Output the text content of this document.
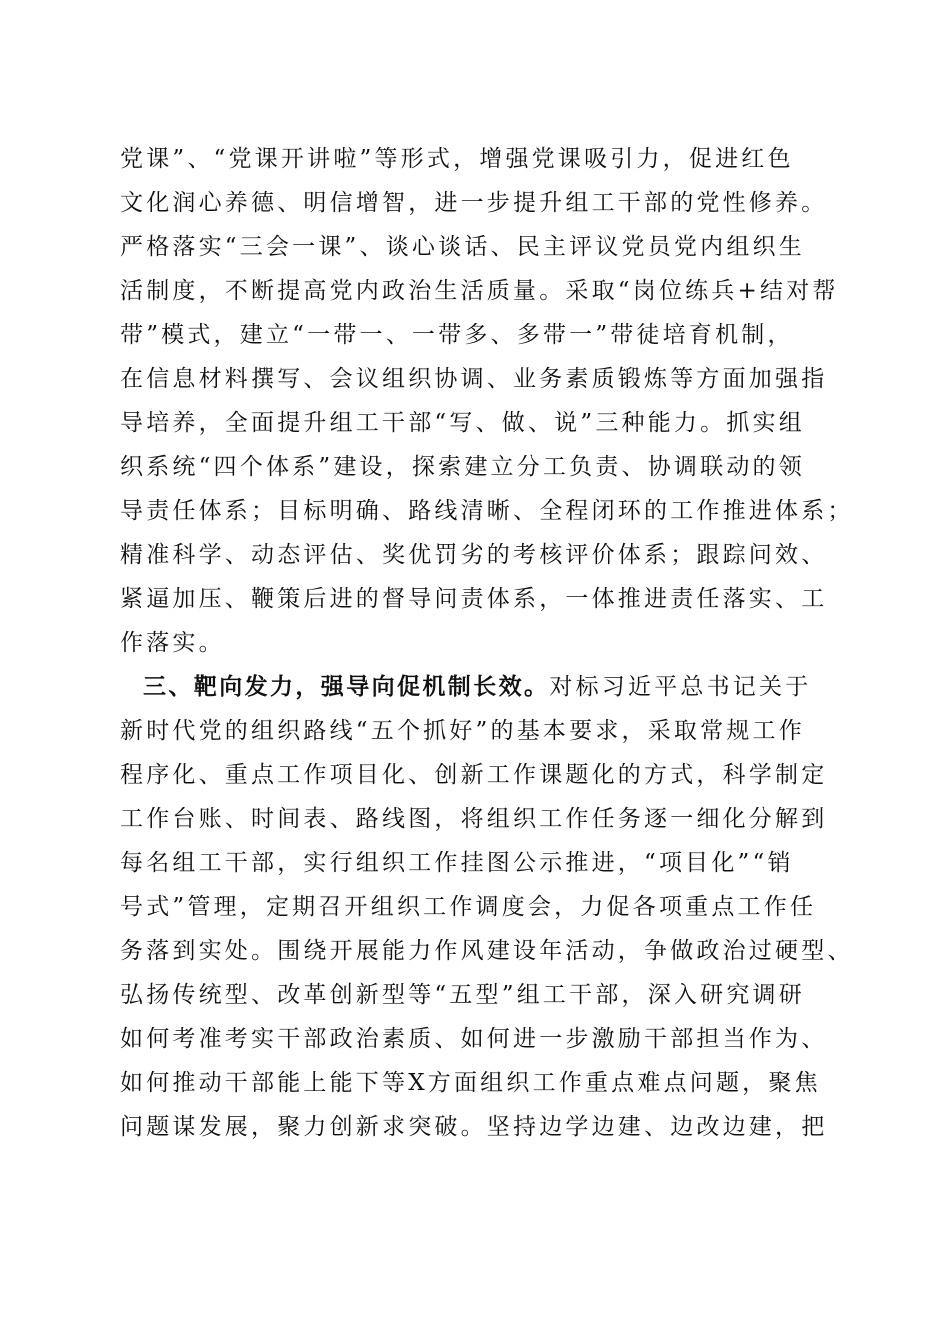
党课”、“党课开讲啦”等形式，增强党课吸引力，促进红色
文化润心养德、明信增智，进一步提升组工干部的党性修养。
严格落实“三会一课”、谈心谈话、民主评议党员党内组织生
活制度，不断提高党内政治生活质量。采取“岗位练兵+结对帮
带”模式，建立“一带一、一带多、多带一”带徒培育机制，
在信息材料撰写、会议组织协调、业务素质锻炼等方面加强指
导培养，全面提升组工干部“写、做、说”三种能力。抓实组
织系统“四个体系”建设，探索建立分工负责、协调联动的领
导责任体系；目标明确、路线清晰、全程闭环的工作推进体系；
精准科学、动态评估、奖优罚劣的考核评价体系；跟踪问效、
紧逼加压、鞭策后进的督导问责体系，一体推进责任落实、工
作落实。
三、靶向发力，强导向促机制长效。对标习近平总书记关于
新时代党的组织路线“五个抓好”的基本要求，采取常规工作
程序化、重点工作项目化、创新工作课题化的方式，科学制定
工作台账、时间表、路线图，将组织工作任务逐一细化分解到
每名组工干部，实行组织工作挂图公示推进，“项目化”“销
号式”管理，定期召开组织工作调度会，力促各项重点工作任
务落到实处。围绕开展能力作风建设年活动，争做政治过硬型、
弘扬传统型、改革创新型等“五型”组工干部，深入研究调研
如何考准考实干部政治素质、如何进一步激励干部担当作为、
如何推动干部能上能下等X方面组织工作重点难点问题，聚焦
问题谋发展，聚力创新求突破。坚持边学边建、边改边建，把
